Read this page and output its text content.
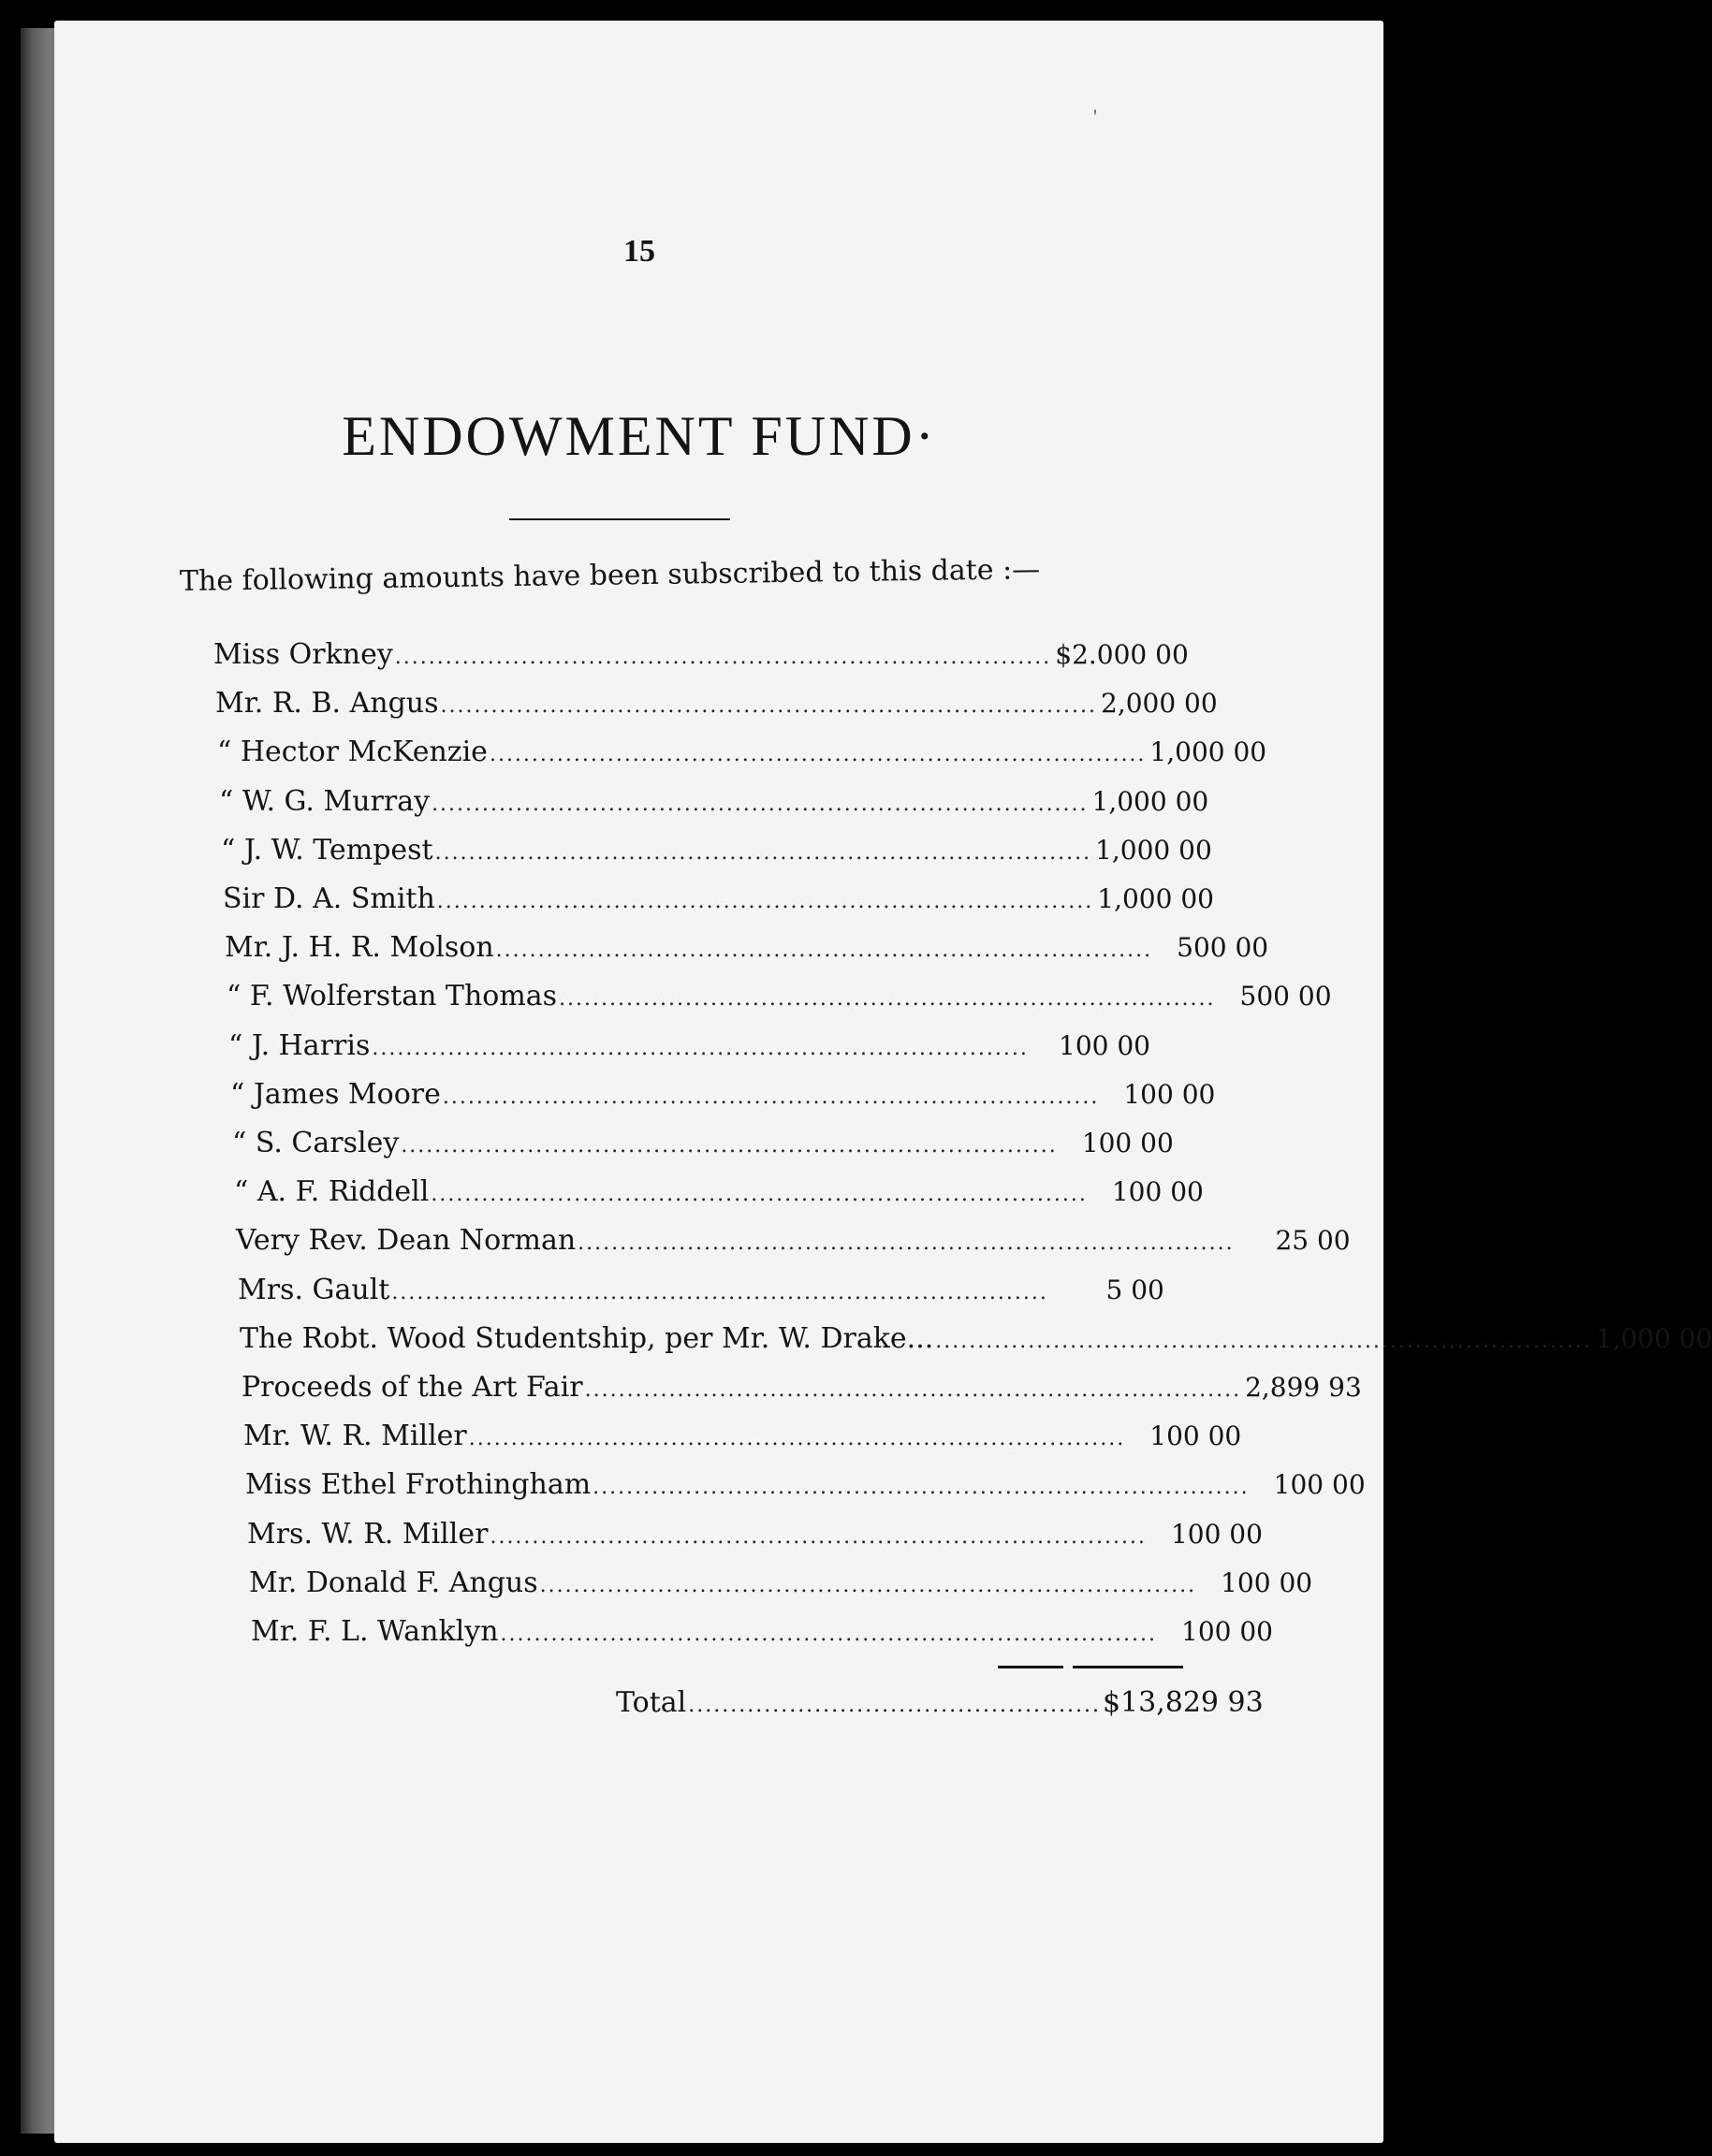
15
ENDOWMENT FUND·
The following amounts have been subscribed to this date :—
Miss Orkney .............................................................................. $2.000 00
Mr. R. B. Angus .............................................................................. 2,000 00
“ Hector McKenzie .............................................................................. 1,000 00
“ W. G. Murray .............................................................................. 1,000 00
“ J. W. Tempest .............................................................................. 1,000 00
Sir D. A. Smith .............................................................................. 1,000 00
Mr. J. H. R. Molson .............................................................................. 500 00
“ F. Wolferstan Thomas .............................................................................. 500 00
“ J. Harris ..............................................................................	100 00
“ James Moore .............................................................................. 100 00
“ S. Carsley .............................................................................. 100 00
“ A. F. Riddell .............................................................................. 100 00
Very Rev. Dean Norman ..............................................................................	25 00
Mrs. Gault ..............................................................................	5 00
The Robt. Wood Studentship, per Mr. W. Drake... .............................................................................. 1,000 00
Proceeds of the Art Fair .............................................................................. 2,899 93
Mr. W. R. Miller .............................................................................. 100 00
Miss Ethel Frothingham .............................................................................. 100 00
Mrs. W. R. Miller .............................................................................. 100 00
Mr. Donald F. Angus .............................................................................. 100 00
Mr. F. L. Wanklyn .............................................................................. 100 00
Total ................................................. $13,829 93
'
